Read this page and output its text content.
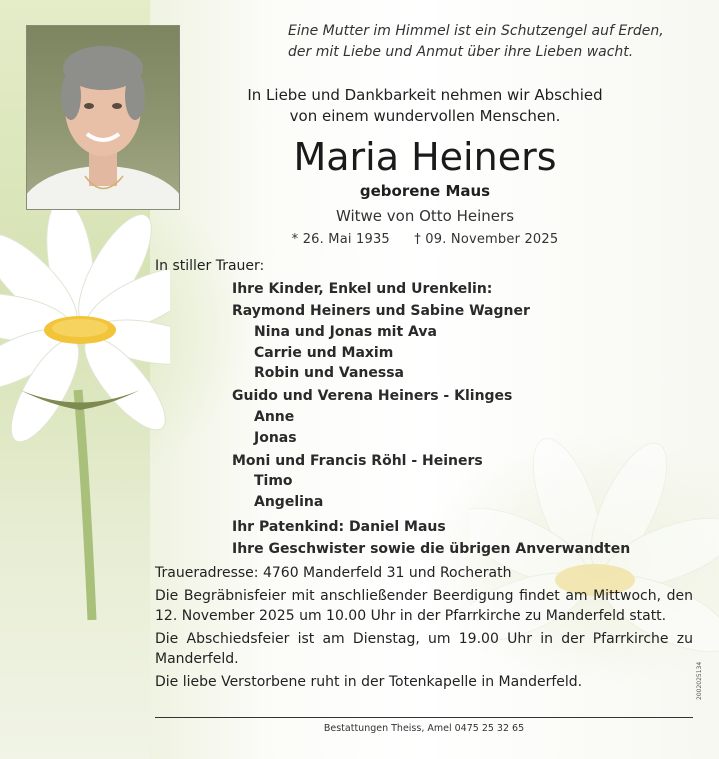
Eine Mutter im Himmel ist ein Schutzengel auf Erden,
der mit Liebe und Anmut über ihre Lieben wacht.
In Liebe und Dankbarkeit nehmen wir Abschied
von einem wundervollen Menschen.
Maria Heiners
geborene Maus
Witwe von Otto Heiners
* 26. Mai 1935 † 09. November 2025
In stiller Trauer:
Ihre Kinder, Enkel und Urenkelin:
Raymond Heiners und Sabine Wagner
Nina und Jonas mit Ava
Carrie und Maxim
Robin und Vanessa
Guido und Verena Heiners - Klinges
Anne
Jonas
Moni und Francis Röhl - Heiners
Timo
Angelina
Ihr Patenkind: Daniel Maus
Ihre Geschwister sowie die übrigen Anverwandten

Traueradresse: 4760 Manderfeld 31 und Rocherath

Die Begräbnisfeier mit anschließender Beerdigung findet am Mittwoch, den 12. November 2025 um 10.00 Uhr in der Pfarrkirche zu Manderfeld statt.

Die Abschiedsfeier ist am Dienstag, um 19.00 Uhr in der Pfarrkirche zu Manderfeld.

Die liebe Verstorbene ruht in der Totenkapelle in Manderfeld.

Bestattungen Theiss, Amel 0475 25 32 65
2002025134
